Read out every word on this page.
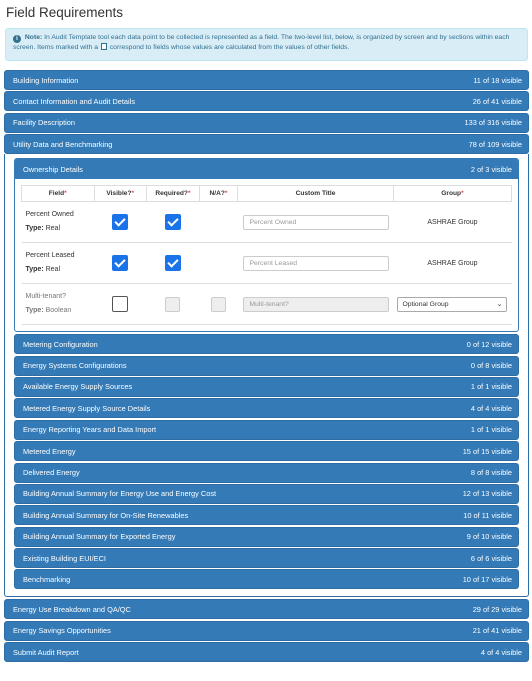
Field Requirements
i Note: In Audit Template tool each data point to be collected is represented as a field. The two-level list, below, is organized by screen and by sections within each screen. Items marked with a correspond to fields whose values are calculated from the values of other fields.
Building Information	11 of 18 visible
Contact Information and Audit Details	26 of 41 visible
Facility Description	133 of 316 visible
Utility Data and Benchmarking	78 of 109 visible
Ownership Details	2 of 3 visible
Field*	Visible?*	Required?*	N/A?*	Custom Title	Group*

Percent Owned
Type: Real				Percent Owned	ASHRAE Group

Percent Leased
Type: Real				Percent Leased	ASHRAE Group

Multi-tenant?
Type: Boolean				Multi-tenant?	Optional Group ⌄
Metering Configuration	0 of 12 visible
Energy Systems Configurations	0 of 8 visible
Available Energy Supply Sources	1 of 1 visible
Metered Energy Supply Source Details	4 of 4 visible
Energy Reporting Years and Data Import	1 of 1 visible
Metered Energy	15 of 15 visible
Delivered Energy	8 of 8 visible
Building Annual Summary for Energy Use and Energy Cost	12 of 13 visible
Building Annual Summary for On-Site Renewables	10 of 11 visible
Building Annual Summary for Exported Energy	9 of 10 visible
Existing Building EUI/ECI	6 of 6 visible
Benchmarking	10 of 17 visible
Energy Use Breakdown and QA/QC	29 of 29 visible
Energy Savings Opportunities	21 of 41 visible
Submit Audit Report	4 of 4 visible
